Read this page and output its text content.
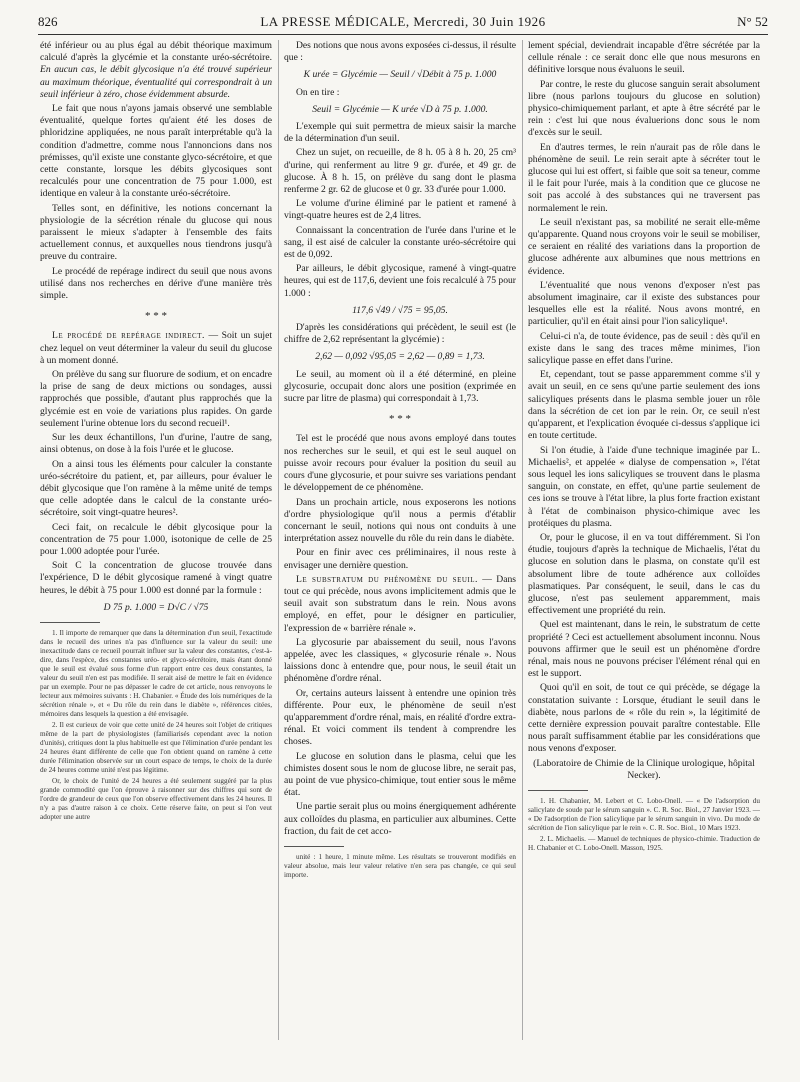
826	LA PRESSE MÉDICALE, Mercredi, 30 Juin 1926	N° 52

été inférieur ou au plus égal au débit théorique maximum calculé d'après la glycémie et la constante uréo-sécrétoire. En aucun cas, le débit glycosique n'a été trouvé supérieur au maximum théorique, éventualité qui correspondrait à un seuil inférieur à zéro, chose évidemment absurde.

Le fait que nous n'ayons jamais observé une semblable éventualité, quelque fortes qu'aient été les doses de phloridzine appliquées, ne nous paraît interprétable qu'à la condition d'admettre, comme nous l'annoncions dans nos prémisses, qu'il existe une constante glyco-sécrétoire, et que cette constante, lorsque les débits glycosiques sont recalculés pour une concentration de 75 pour 1.000, est identique en valeur à la constante uréo-sécrétoire.

Telles sont, en définitive, les notions concernant la physiologie de la sécrétion rénale du glucose qui nous paraissent le mieux s'adapter à l'ensemble des faits actuellement connus, et auxquelles nous tiendrons jusqu'à preuve du contraire.

Le procédé de repérage indirect du seuil que nous avons utilisé dans nos recherches en dérive d'une manière très simple.

* * *

Le procédé de repérage indirect. — Soit un sujet chez lequel on veut déterminer la valeur du seuil du glucose à un moment donné.

On prélève du sang sur fluorure de sodium, et on encadre la prise de sang de deux mictions ou sondages, aussi rapprochés que possible, d'autant plus rapprochés que la glycémie est en voie de variations plus rapides. On garde seulement l'urine obtenue lors du second recueil¹.

Sur les deux échantillons, l'un d'urine, l'autre de sang, ainsi obtenus, on dose à la fois l'urée et le glucose.

On a ainsi tous les éléments pour calculer la constante uréo-sécrétoire du patient, et, par ailleurs, pour évaluer le débit glycosique que l'on ramène à la même unité de temps que celle adoptée dans le calcul de la constante uréo-sécrétoire, soit vingt-quatre heures².

Ceci fait, on recalcule le débit glycosique pour la concentration de 75 pour 1.000, isotonique de celle de 25 pour 1.000 adoptée pour l'urée.

Soit C la concentration de glucose trouvée dans l'expérience, D le débit glycosique ramené à vingt quatre heures, le débit à 75 pour 1.000 est donné par la formule :

D 75 p. 1.000 = D√C / √75

1. Il importe de remarquer que dans la détermination d'un seuil, l'exactitude dans le recueil des urines n'a pas d'influence sur la valeur du seuil: une inexactitude dans ce recueil pourrait influer sur la valeur des constantes, c'est-à-dire, dans l'espèce, des constantes uréo- et glyco-sécrétoire, mais étant donné que le seuil est évalué sous forme d'un rapport entre ces deux constantes, la valeur du seuil n'en est pas modifiée. Il serait aisé de mettre le fait en évidence par un exemple. Pour ne pas dépasser le cadre de cet article, nous renvoyons le lecteur aux mémoires suivants : H. Chabanier. « Étude des lois numériques de la sécrétion rénale », et « Du rôle du rein dans le diabète », références citées, mémoires dans lesquels la question a été envisagée.

2. Il est curieux de voir que cette unité de 24 heures soit l'objet de critiques même de la part de physiologistes (familiarisés cependant avec la notion d'unités), critiques dont la plus habituelle est que l'élimination d'urée pendant les 24 heures étant différente de celle que l'on obtient quand on ramène à cette durée l'élimination observée sur un court espace de temps, le choix de la durée de 24 heures comme unité n'est pas légitime.

Or, le choix de l'unité de 24 heures a été seulement suggéré par la plus grande commodité que l'on éprouve à raisonner sur des chiffres qui sont de l'ordre de grandeur de ceux que l'on observe effectivement dans les 24 heures. Il n'y a pas d'autre raison à ce choix. Cette réserve faite, on peut si l'on veut adopter une autre

Des notions que nous avons exposées ci-dessus, il résulte que :

K urée = Glycémie — Seuil / √Débit à 75 p. 1.000

On en tire :

Seuil = Glycémie — K urée √D à 75 p. 1.000.

L'exemple qui suit permettra de mieux saisir la marche de la détermination d'un seuil.

Chez un sujet, on recueille, de 8 h. 05 à 8 h. 20, 25 cm³ d'urine, qui renferment au litre 9 gr. d'urée, et 49 gr. de glucose. À 8 h. 15, on prélève du sang dont le plasma renferme 2 gr. 62 de glucose et 0 gr. 33 d'urée pour 1.000.

Le volume d'urine éliminé par le patient et ramené à vingt-quatre heures est de 2,4 litres.

Connaissant la concentration de l'urée dans l'urine et le sang, il est aisé de calculer la constante uréo-sécrétoire qui est de 0,092.

Par ailleurs, le débit glycosique, ramené à vingt-quatre heures, qui est de 117,6, devient une fois recalculé à 75 pour 1.000 :

117,6 √49 / √75 = 95,05.

D'après les considérations qui précèdent, le seuil est (le chiffre de 2,62 représentant la glycémie) :

2,62 — 0,092 √95,05 = 2,62 — 0,89 = 1,73.

Le seuil, au moment où il a été déterminé, en pleine glycosurie, occupait donc alors une position (exprimée en sucre par litre de plasma) qui correspondait à 1,73.

* * *

Tel est le procédé que nous avons employé dans toutes nos recherches sur le seuil, et qui est le seul auquel on puisse avoir recours pour évaluer la position du seuil au cours d'une glycosurie, et pour suivre ses variations pendant le développement de ce phénomène.

Dans un prochain article, nous exposerons les notions d'ordre physiologique qu'il nous a permis d'établir concernant le seuil, notions qui nous ont conduits à une interprétation assez nouvelle du rôle du rein dans le diabète.

Pour en finir avec ces préliminaires, il nous reste à envisager une dernière question.

Le substratum du phénomène du seuil. — Dans tout ce qui précède, nous avons implicitement admis que le seuil avait son substratum dans le rein. Nous avons employé, en effet, pour le désigner en particulier, l'expression de « barrière rénale ».

La glycosurie par abaissement du seuil, nous l'avons appelée, avec les classiques, « glycosurie rénale ». Nous laissions donc à entendre que, pour nous, le seuil était un phénomène d'ordre rénal.

Or, certains auteurs laissent à entendre une opinion très différente. Pour eux, le phénomène de seuil n'est qu'apparemment d'ordre rénal, mais, en réalité d'ordre extra-rénal. Et voici comment ils tendent à comprendre les choses.

Le glucose en solution dans le plasma, celui que les chimistes dosent sous le nom de glucose libre, ne serait pas, au point de vue physico-chimique, tout entier sous le même état.

Une partie serait plus ou moins énergiquement adhérente aux colloïdes du plasma, en particulier aux albumines. Cette fraction, du fait de cet acco-

unité : 1 heure, 1 minute même. Les résultats se trouveront modifiés en valeur absolue, mais leur valeur relative n'en sera pas changée, ce qui seul importe.

lement spécial, deviendrait incapable d'être sécrétée par la cellule rénale : ce serait donc elle que nous mesurons en définitive lorsque nous évaluons le seuil.

Par contre, le reste du glucose sanguin serait absolument libre (nous parlons toujours du glucose en solution) physico-chimiquement parlant, et apte à être sécrété par le rein : c'est lui que nous évaluerions donc sous le nom d'excès sur le seuil.

En d'autres termes, le rein n'aurait pas de rôle dans le phénomène de seuil. Le rein serait apte à sécréter tout le glucose qui lui est offert, si faible que soit sa teneur, comme il le fait pour l'urée, mais à la condition que ce glucose ne soit pas accolé à des substances qui ne traversent pas normalement le rein.

Le seuil n'existant pas, sa mobilité ne serait elle-même qu'apparente. Quand nous croyons voir le seuil se mobiliser, ce seraient en réalité des variations dans la proportion de glucose adhérente aux albumines que nous mettrions en évidence.

L'éventualité que nous venons d'exposer n'est pas absolument imaginaire, car il existe des substances pour lesquelles elle est la réalité. Nous avons montré, en particulier, qu'il en était ainsi pour l'ion salicylique¹.

Celui-ci n'a, de toute évidence, pas de seuil : dès qu'il en existe dans le sang des traces même minimes, l'ion salicylique passe en effet dans l'urine.

Et, cependant, tout se passe apparemment comme s'il y avait un seuil, en ce sens qu'une partie seulement des ions salicyliques présents dans le plasma semble jouer un rôle dans la sécrétion de cet ion par le rein. Or, ce seuil n'est qu'apparent, et l'explication évoquée ci-dessus s'applique ici en toute certitude.

Si l'on étudie, à l'aide d'une technique imaginée par L. Michaelis², et appelée « dialyse de compensation », l'état sous lequel les ions salicyliques se trouvent dans le plasma sanguin, on constate, en effet, qu'une partie seulement de ces ions se trouve à l'état libre, la plus forte fraction existant à l'état de combinaison physico-chimique avec les protéiques du plasma.

Or, pour le glucose, il en va tout différemment. Si l'on étudie, toujours d'après la technique de Michaelis, l'état du glucose en solution dans le plasma, on constate qu'il est absolument libre de toute adhérence aux colloïdes plasmatiques. Par conséquent, le seuil, dans le cas du glucose, n'est pas seulement apparemment, mais effectivement une propriété du rein.

Quel est maintenant, dans le rein, le substratum de cette propriété ? Ceci est actuellement absolument inconnu. Nous pouvons affirmer que le seuil est un phénomène d'ordre rénal, mais nous ne pouvons préciser l'élément rénal qui en est le support.

Quoi qu'il en soit, de tout ce qui précède, se dégage la constatation suivante : Lorsque, étudiant le seuil dans le diabète, nous parlons de « rôle du rein », la légitimité de cette dernière expression pouvait paraître contestable. Elle nous paraît suffisamment établie par les considérations que nous venons d'exposer.

(Laboratoire de Chimie de la Clinique urologique, hôpital Necker).

1. H. Chabanier, M. Lebert et C. Lobo-Onell. — « De l'adsorption du salicylate de soude par le sérum sanguin ». C. R. Soc. Biol., 27 Janvier 1923. — « De l'adsorption de l'ion salicylique par le sérum sanguin in vivo. Du mode de sécrétion de l'ion salicylique par le rein ». C. R. Soc. Biol., 10 Mars 1923.

2. L. Michaelis. — Manuel de techniques de physico-chimie. Traduction de H. Chabanier et C. Lobo-Onell. Masson, 1925.
